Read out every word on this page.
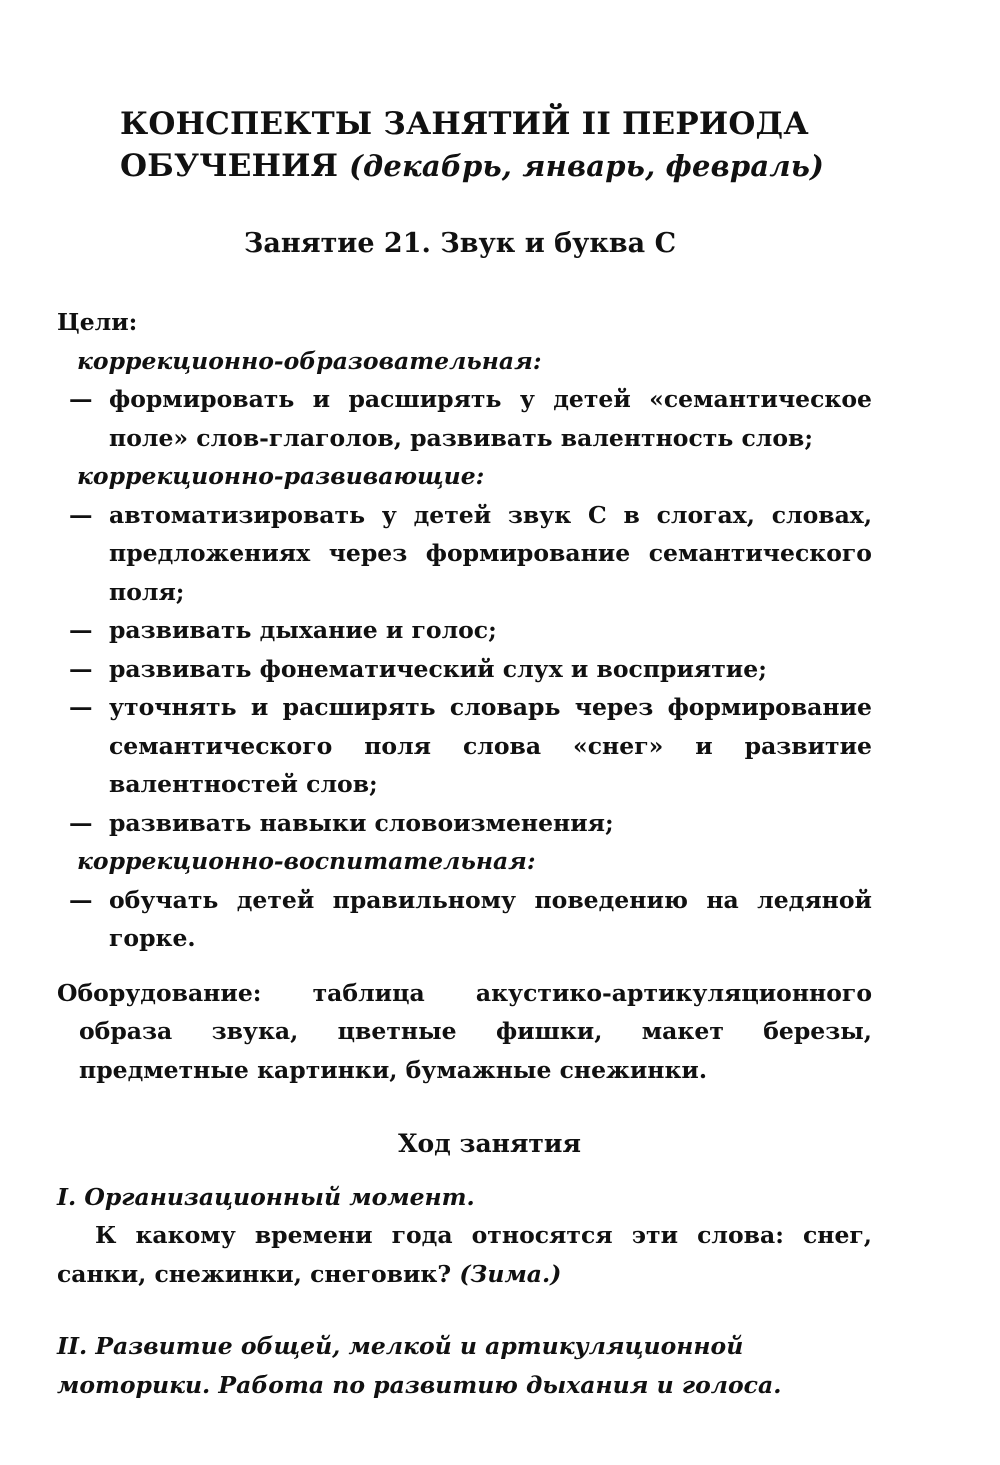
КОНСПЕКТЫ ЗАНЯТИЙ II ПЕРИОДА ОБУЧЕНИЯ (декабрь, январь, февраль)
Занятие 21. Звук и буква С

Цели:

коррекционно-образовательная:

— формировать и расширять у детей «семантическое поле» слов-глаголов, развивать валентность слов;

коррекционно-развивающие:

— автоматизировать у детей звук С в слогах, словах, предложениях через формирование семантического поля;

— развивать дыхание и голос;

— развивать фонематический слух и восприятие;

— уточнять и расширять словарь через формирование семантического поля слова «снег» и развитие валентностей слов;

— развивать навыки словоизменения;

коррекционно-воспитательная:

— обучать детей правильному поведению на ледяной горке.

Оборудование: таблица акустико-артикуляционного образа звука, цветные фишки, макет березы, предметные картинки, бумажные снежинки.

Ход занятия

I. Организационный момент.

К какому времени года относятся эти слова: снег, санки, снежинки, снеговик? (Зима.)

II. Развитие общей, мелкой и артикуляционной моторики. Работа по развитию дыхания и голоса.
